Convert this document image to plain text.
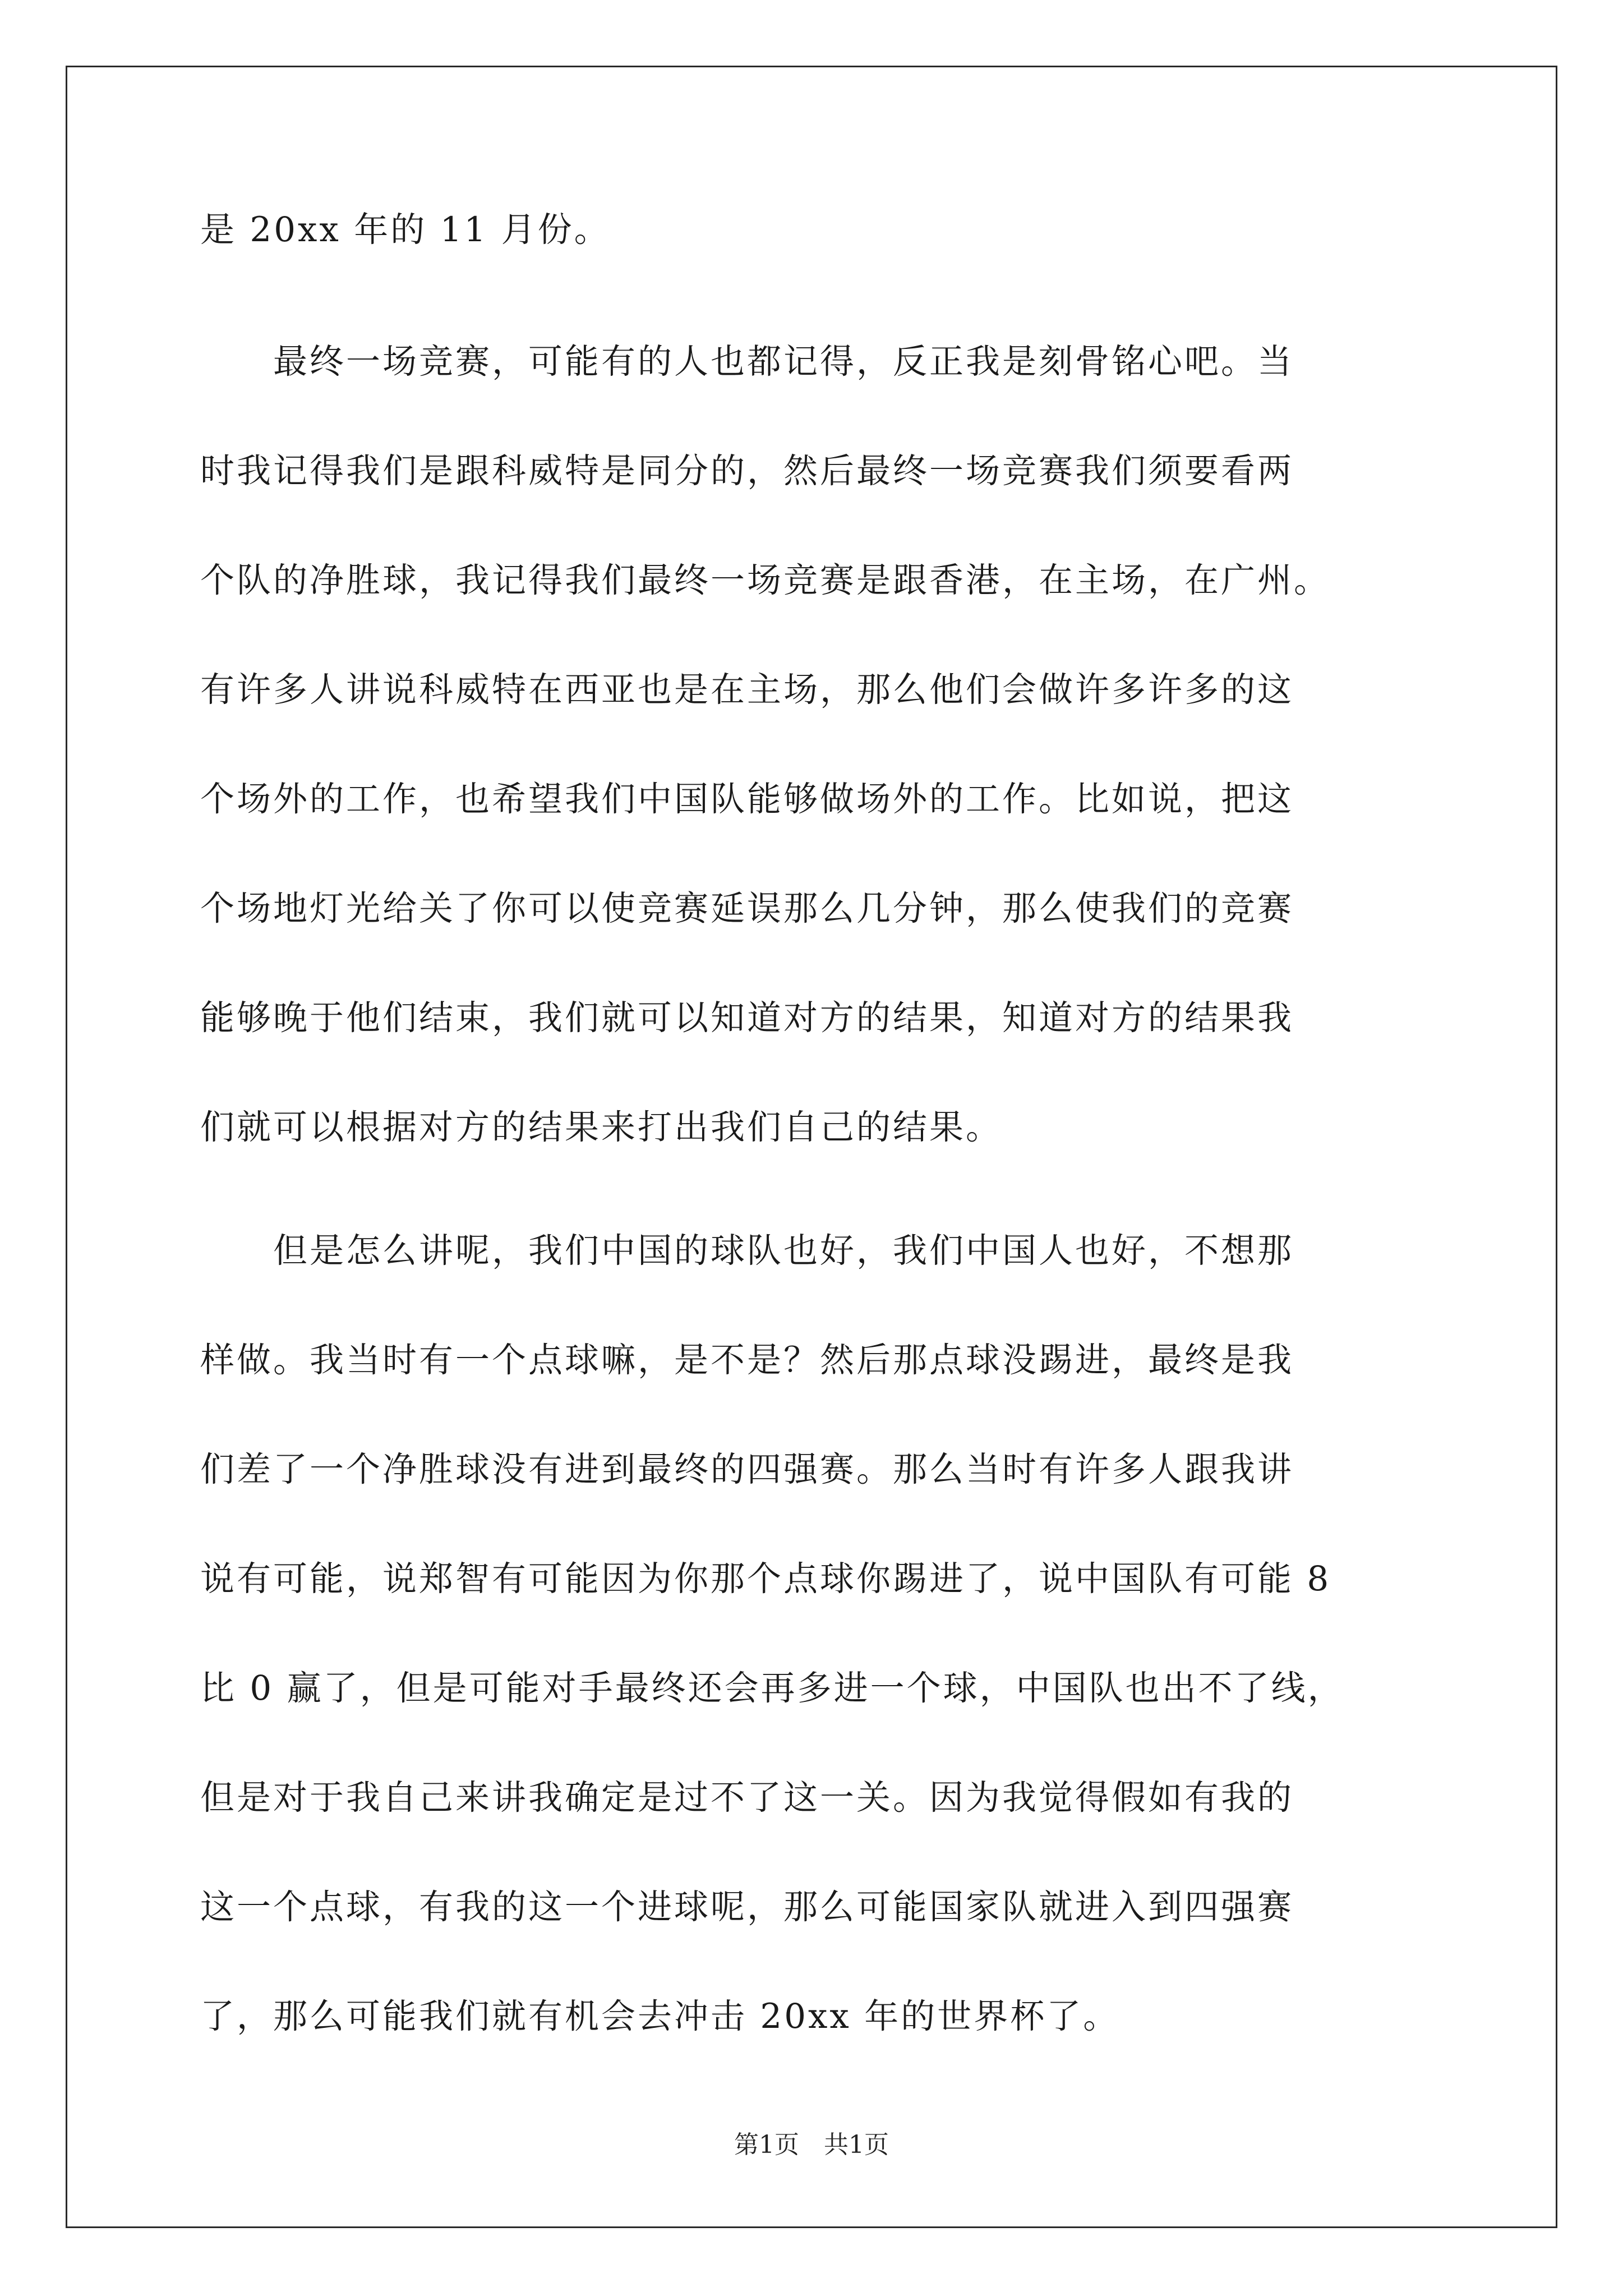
是 20xx 年的 11 月份。
　　最终一场竞赛，可能有的人也都记得，反正我是刻骨铭心吧。当
时我记得我们是跟科威特是同分的，然后最终一场竞赛我们须要看两
个队的净胜球，我记得我们最终一场竞赛是跟香港，在主场，在广州。
有许多人讲说科威特在西亚也是在主场，那么他们会做许多许多的这
个场外的工作，也希望我们中国队能够做场外的工作。比如说，把这
个场地灯光给关了你可以使竞赛延误那么几分钟，那么使我们的竞赛
能够晚于他们结束，我们就可以知道对方的结果，知道对方的结果我
们就可以根据对方的结果来打出我们自己的结果。
　　但是怎么讲呢，我们中国的球队也好，我们中国人也好，不想那
样做。我当时有一个点球嘛，是不是？然后那点球没踢进，最终是我
们差了一个净胜球没有进到最终的四强赛。那么当时有许多人跟我讲
说有可能，说郑智有可能因为你那个点球你踢进了，说中国队有可能 8
比 0 赢了，但是可能对手最终还会再多进一个球，中国队也出不了线，
但是对于我自己来讲我确定是过不了这一关。因为我觉得假如有我的
这一个点球，有我的这一个进球呢，那么可能国家队就进入到四强赛
了，那么可能我们就有机会去冲击 20xx 年的世界杯了。
第1页　共1页
